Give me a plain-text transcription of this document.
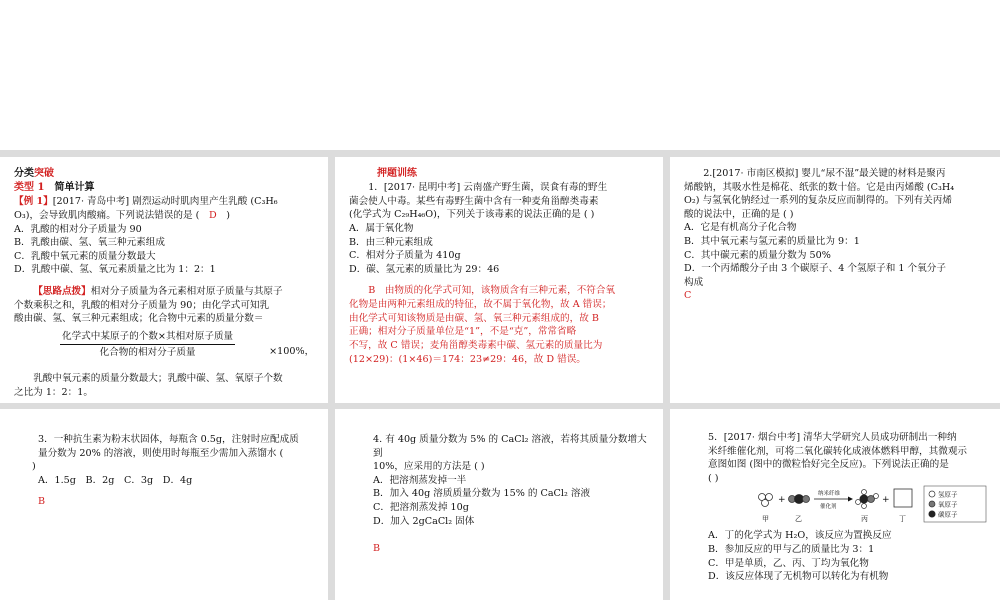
分类突破

类型 1　 简单计算

【例 1】[2017· 青岛中考] 剧烈运动时肌肉里产生乳酸 (C₃H₆

O₃)，会导致肌肉酸痛。下列说法错误的是 (　 D　 )

A．乳酸的相对分子质量为 90

B．乳酸由碳、氢、氧三种元素组成

C．乳酸中氧元素的质量分数最大

D．乳酸中碳、氢、氧元素质量之比为 1：2：1

【思路点拨】相对分子质量为各元素相对原子质量与其原子

个数乘积之和，乳酸的相对分子质量为 90；由化学式可知乳

酸由碳、氢、氧三种元素组成；化合物中元素的质量分数＝

$\frac{\text{化学式中某原子的个数×其相对原子质量}}{\text{化合物的相对分子质量}}$	×100%，

乳酸中氧元素的质量分数最大；乳酸中碳、氢、氧原子个数

之比为 1：2：1。

押题训练

1．[2017· 昆明中考] 云南盛产野生菌，误食有毒的野生

菌会使人中毒。某些有毒野生菌中含有一种麦角甾醇类毒素

(化学式为 C₂₉H₄₆O)，下列关于该毒素的说法正确的是 ( )

A．属于氧化物

B．由三种元素组成

C．相对分子质量为 410g

D．碳、氢元素的质量比为 29：46

B　由物质的化学式可知，该物质含有三种元素，不符合氧

化物是由两种元素组成的特征，故不属于氧化物，故 A 错误；

由化学式可知该物质是由碳、氢、氧三种元素组成的，故 B

正确；相对分子质量单位是“1”，不是“克”，常常省略

不写，故 C 错误；麦角甾醇类毒素中碳、氢元素的质量比为

(12×29)：(1×46)＝174：23≠29：46，故 D 错误。

2.[2017· 市南区模拟] 婴儿“尿不湿”最关键的材料是聚丙

烯酸钠，其吸水性是棉花、纸张的数十倍。它是由丙烯酸 (C₃H₄

O₂) 与氢氧化钠经过一系列的复杂反应而制得的。下列有关丙烯

酸的说法中，正确的是 ( )

A．它是有机高分子化合物

B．其中氧元素与氢元素的质量比为 9：1

C．其中碳元素的质量分数为 50%

D．一个丙烯酸分子由 3 个碳原子、4 个氢原子和 1 个氧分子

构成

C

3．一种抗生素为粉末状固体，每瓶含 0.5g，注射时应配成质

量分数为 20% 的溶液，则使用时每瓶至少需加入蒸馏水 (

)

A．1.5g　B．2g　C．3g　D．4g

B

4. 有 40g 质量分数为 5% 的 CaCl₂ 溶液，若将其质量分数增大到

10%，应采用的方法是 ( )

A．把溶剂蒸发掉一半

B．加入 40g 溶质质量分数为 15% 的 CaCl₂ 溶液

C．把溶剂蒸发掉 10g

D．加入 2gCaCl₂ 固体

B

5．[2017· 烟台中考] 清华大学研究人员成功研制出一种纳

米纤维催化剂，可将二氧化碳转化成液体燃料甲醇，其微观示

意图如图 (图中的微粒恰好完全反应)。下列说法正确的是

( )

+
纳米纤维
催化剂
+
氢原子
氧原子
碳原子
甲	乙	丙	丁

A．丁的化学式为 H₂O，该反应为置换反应

B．参加反应的甲与乙的质量比为 3：1

C．甲是单质，乙、丙、丁均为氧化物

D．该反应体现了无机物可以转化为有机物
